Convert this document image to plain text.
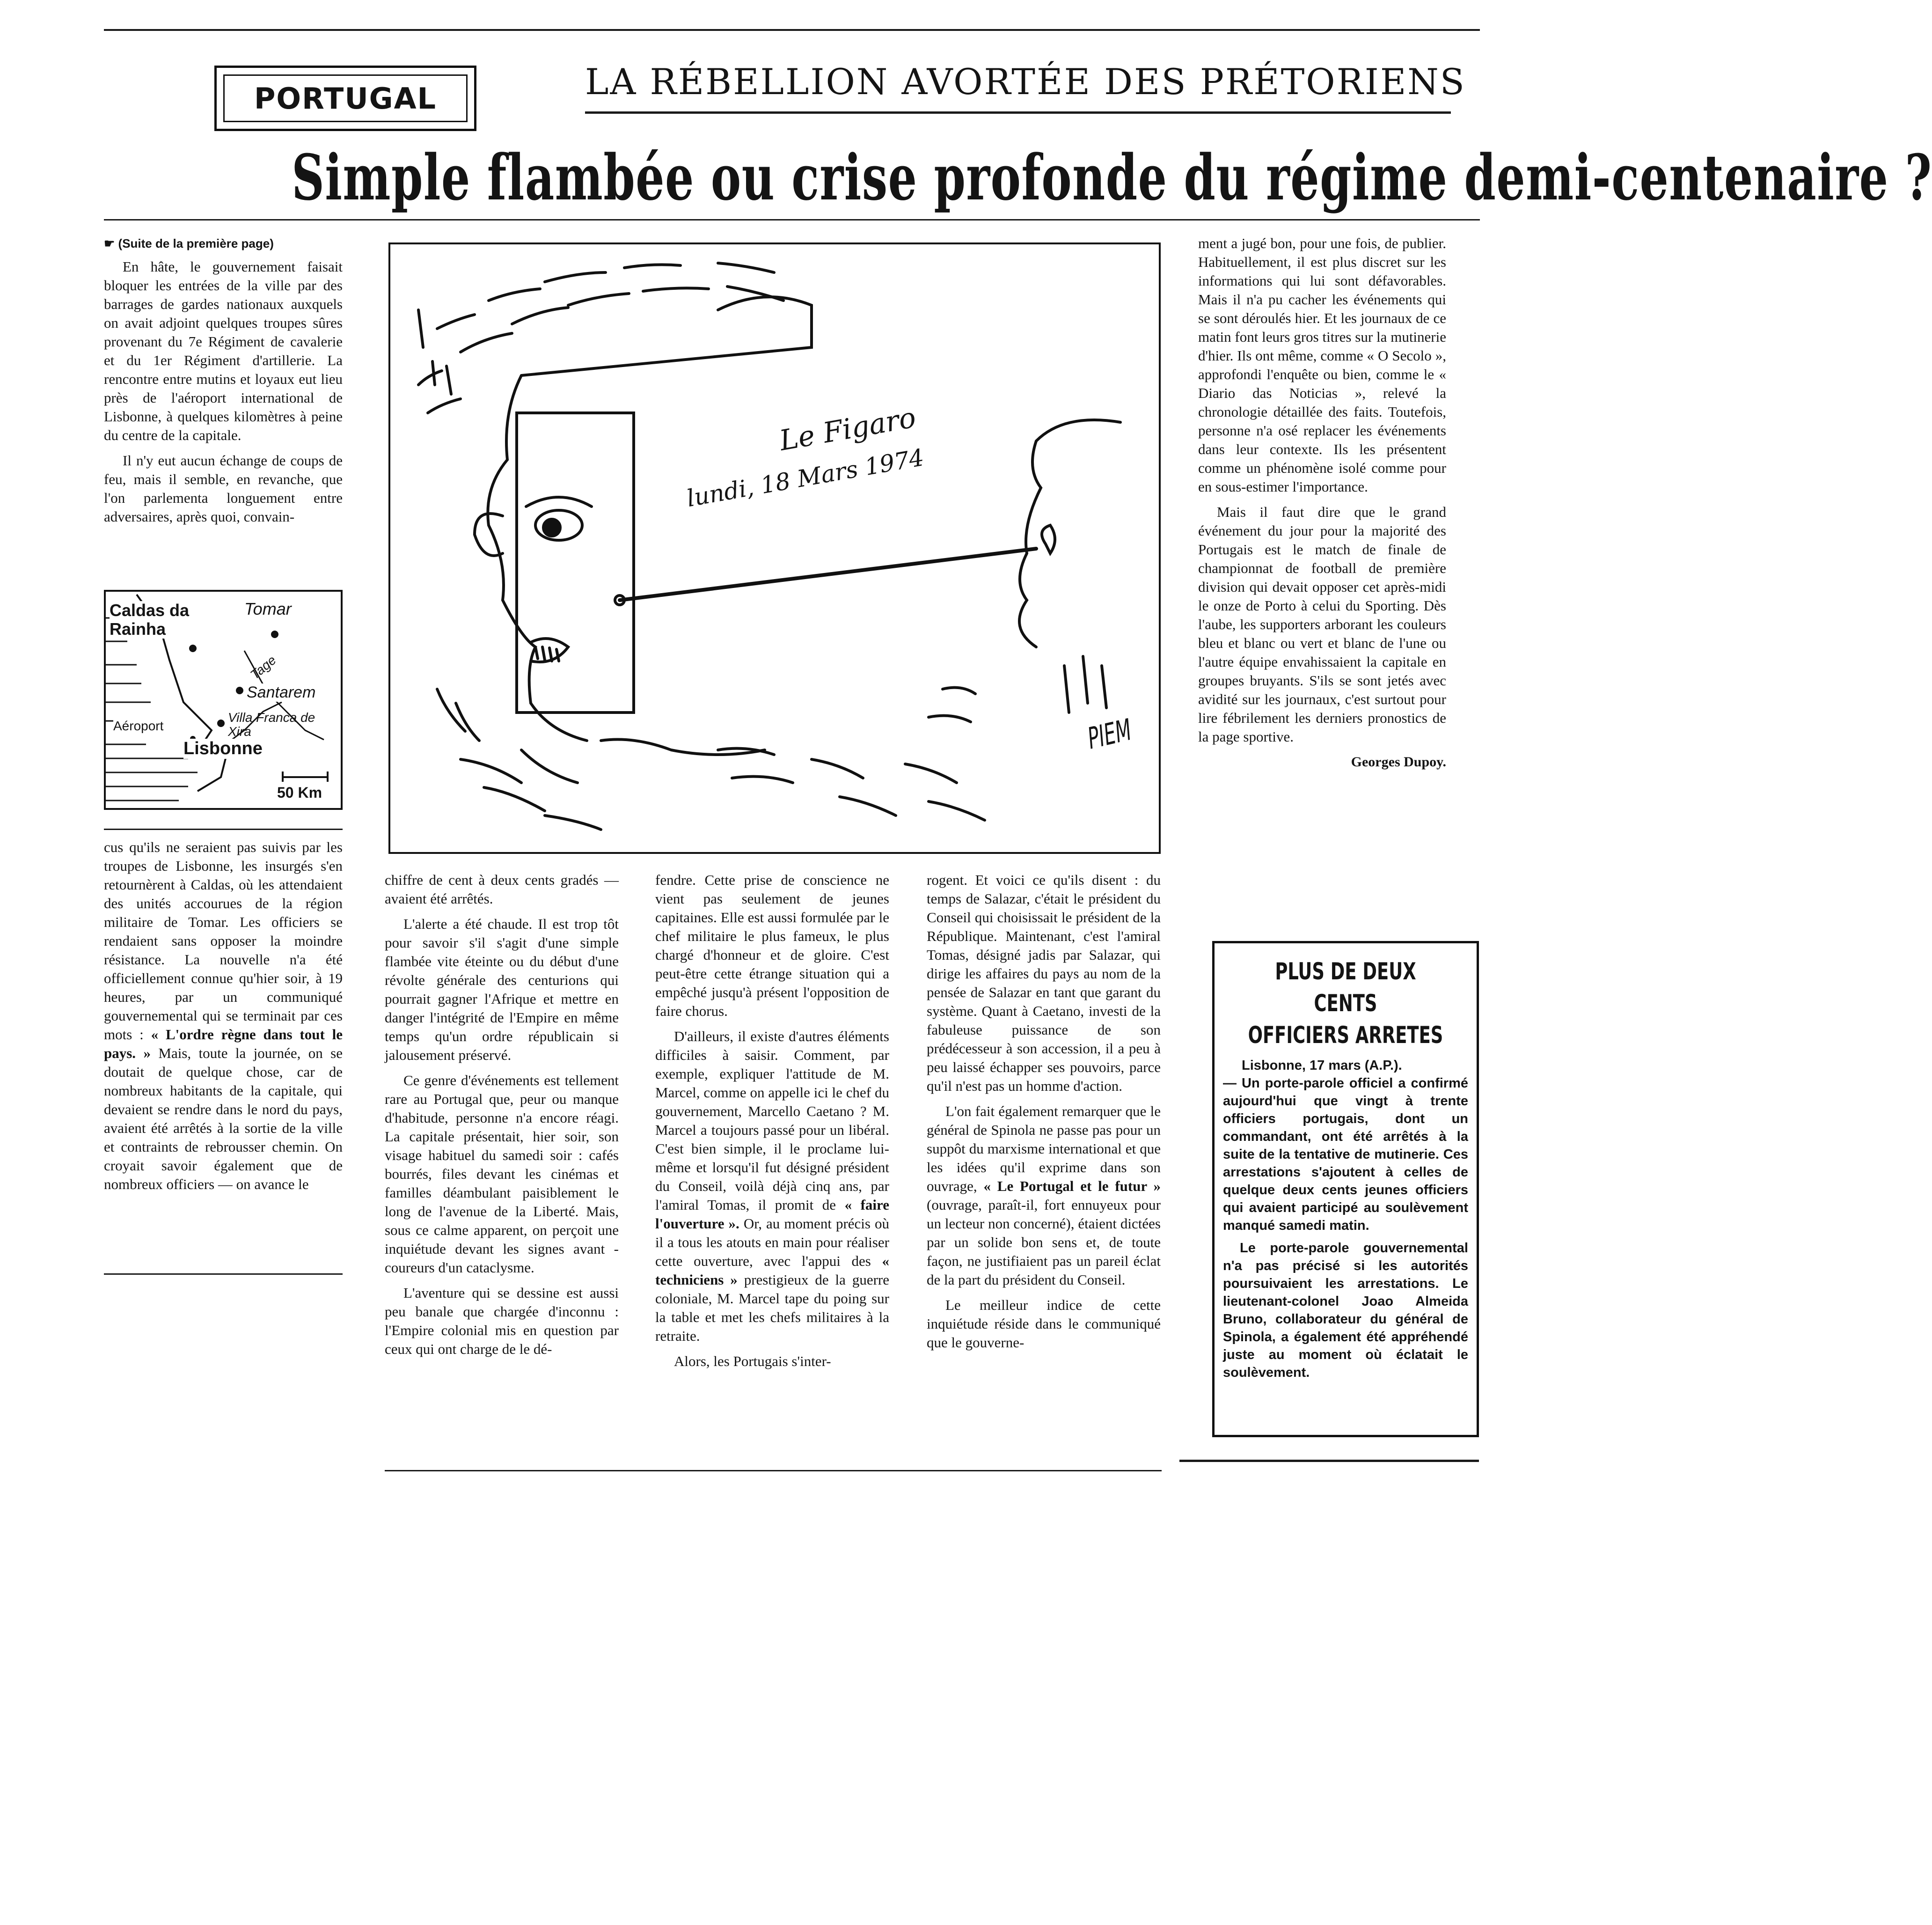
PORTUGAL	LA RÉBELLION AVORTÉE DES PRÉTORIENS
Simple flambée ou crise profonde du régime demi-centenaire ?
☛ (Suite de la première page)

En hâte, le gouvernement faisait bloquer les entrées de la ville par des barrages de gardes nationaux auxquels on avait adjoint quelques troupes sûres provenant du 7e Régiment de cavalerie et du 1er Régiment d'artillerie. La rencontre entre mutins et loyaux eut lieu près de l'aéroport international de Lisbonne, à quelques kilomètres à peine du centre de la capitale.

Il n'y eut aucun échange de coups de feu, mais il semble, en revanche, que l'on parlementa longuement entre adversaires, après quoi, convain-

Caldas da Rainha
Tomar
Tage
Santarem
Villa Franca de Xira
Aéroport
Lisbonne
50 Km

cus qu'ils ne seraient pas suivis par les troupes de Lisbonne, les insurgés s'en retournèrent à Caldas, où les attendaient des unités accourues de la région militaire de Tomar. Les officiers se rendaient sans opposer la moindre résistance. La nouvelle n'a été officiellement connue qu'hier soir, à 19 heures, par un communiqué gouvernemental qui se terminait par ces mots : « L'ordre règne dans tout le pays. » Mais, toute la journée, on se doutait de quelque chose, car de nombreux habitants de la capitale, qui devaient se rendre dans le nord du pays, avaient été arrêtés à la sortie de la ville et contraints de rebrousser chemin. On croyait savoir également que de nombreux officiers — on avance le

Le Figaro
lundi, 18 Mars 1974
PIEM

chiffre de cent à deux cents gradés — avaient été arrêtés.

L'alerte a été chaude. Il est trop tôt pour savoir s'il s'agit d'une simple flambée vite éteinte ou du début d'une révolte générale des centurions qui pourrait gagner l'Afrique et mettre en danger l'intégrité de l'Empire en même temps qu'un ordre républicain si jalousement préservé.

Ce genre d'événements est tellement rare au Portugal que, peur ou manque d'habitude, personne n'a encore réagi. La capitale présentait, hier soir, son visage habituel du samedi soir : cafés bourrés, files devant les cinémas et familles déambulant paisiblement le long de l'avenue de la Liberté. Mais, sous ce calme apparent, on perçoit une inquiétude devant les signes avant - coureurs d'un cataclysme.

L'aventure qui se dessine est aussi peu banale que chargée d'inconnu : l'Empire colonial mis en question par ceux qui ont charge de le dé-

fendre. Cette prise de conscience ne vient pas seulement de jeunes capitaines. Elle est aussi formulée par le chef militaire le plus fameux, le plus chargé d'honneur et de gloire. C'est peut-être cette étrange situation qui a empêché jusqu'à présent l'opposition de faire chorus.

D'ailleurs, il existe d'autres éléments difficiles à saisir. Comment, par exemple, expliquer l'attitude de M. Marcel, comme on appelle ici le chef du gouvernement, Marcello Caetano ? M. Marcel a toujours passé pour un libéral. C'est bien simple, il le proclame lui-même et lorsqu'il fut désigné président du Conseil, voilà déjà cinq ans, par l'amiral Tomas, il promit de « faire l'ouverture ». Or, au moment précis où il a tous les atouts en main pour réaliser cette ouverture, avec l'appui des « techniciens » prestigieux de la guerre coloniale, M. Marcel tape du poing sur la table et met les chefs militaires à la retraite.

Alors, les Portugais s'inter-

rogent. Et voici ce qu'ils disent : du temps de Salazar, c'était le président du Conseil qui choisissait le président de la République. Maintenant, c'est l'amiral Tomas, désigné jadis par Salazar, qui dirige les affaires du pays au nom de la pensée de Salazar en tant que garant du système. Quant à Caetano, investi de la fabuleuse puissance de son prédécesseur à son accession, il a peu à peu laissé échapper ses pouvoirs, parce qu'il n'est pas un homme d'action.

L'on fait également remarquer que le général de Spinola ne passe pas pour un suppôt du marxisme international et que les idées qu'il exprime dans son ouvrage, « Le Portugal et le futur » (ouvrage, paraît-il, fort ennuyeux pour un lecteur non concerné), étaient dictées par un solide bon sens et, de toute façon, ne justifiaient pas un pareil éclat de la part du président du Conseil.

Le meilleur indice de cette inquiétude réside dans le communiqué que le gouverne-

ment a jugé bon, pour une fois, de publier. Habituellement, il est plus discret sur les informations qui lui sont défavorables. Mais il n'a pu cacher les événements qui se sont déroulés hier. Et les journaux de ce matin font leurs gros titres sur la mutinerie d'hier. Ils ont même, comme « O Secolo », approfondi l'enquête ou bien, comme le « Diario das Noticias », relevé la chronologie détaillée des faits. Toutefois, personne n'a osé replacer les événements dans leur contexte. Ils les présentent comme un phénomène isolé comme pour en sous-estimer l'importance.

Mais il faut dire que le grand événement du jour pour la majorité des Portugais est le match de finale de championnat de football de première division qui devait opposer cet après-midi le onze de Porto à celui du Sporting. Dès l'aube, les supporters arborant les couleurs bleu et blanc ou vert et blanc de l'une ou l'autre équipe envahissaient la capitale en groupes bruyants. S'ils se sont jetés avec avidité sur les journaux, c'est surtout pour lire fébrilement les derniers pronostics de la page sportive.

Georges Dupoy.
PLUS DE DEUX CENTS
OFFICIERS ARRETES
Lisbonne, 17 mars (A.P.).

— Un porte-parole officiel a confirmé aujourd'hui que vingt à trente officiers portugais, dont un commandant, ont été arrêtés à la suite de la tentative de mutinerie. Ces arrestations s'ajoutent à celles de quelque deux cents jeunes officiers qui avaient participé au soulèvement manqué samedi matin.

Le porte-parole gouvernemental n'a pas précisé si les autorités poursuivaient les arrestations. Le lieutenant-colonel Joao Almeida Bruno, collaborateur du général de Spinola, a également été appréhendé juste au moment où éclatait le soulèvement.
